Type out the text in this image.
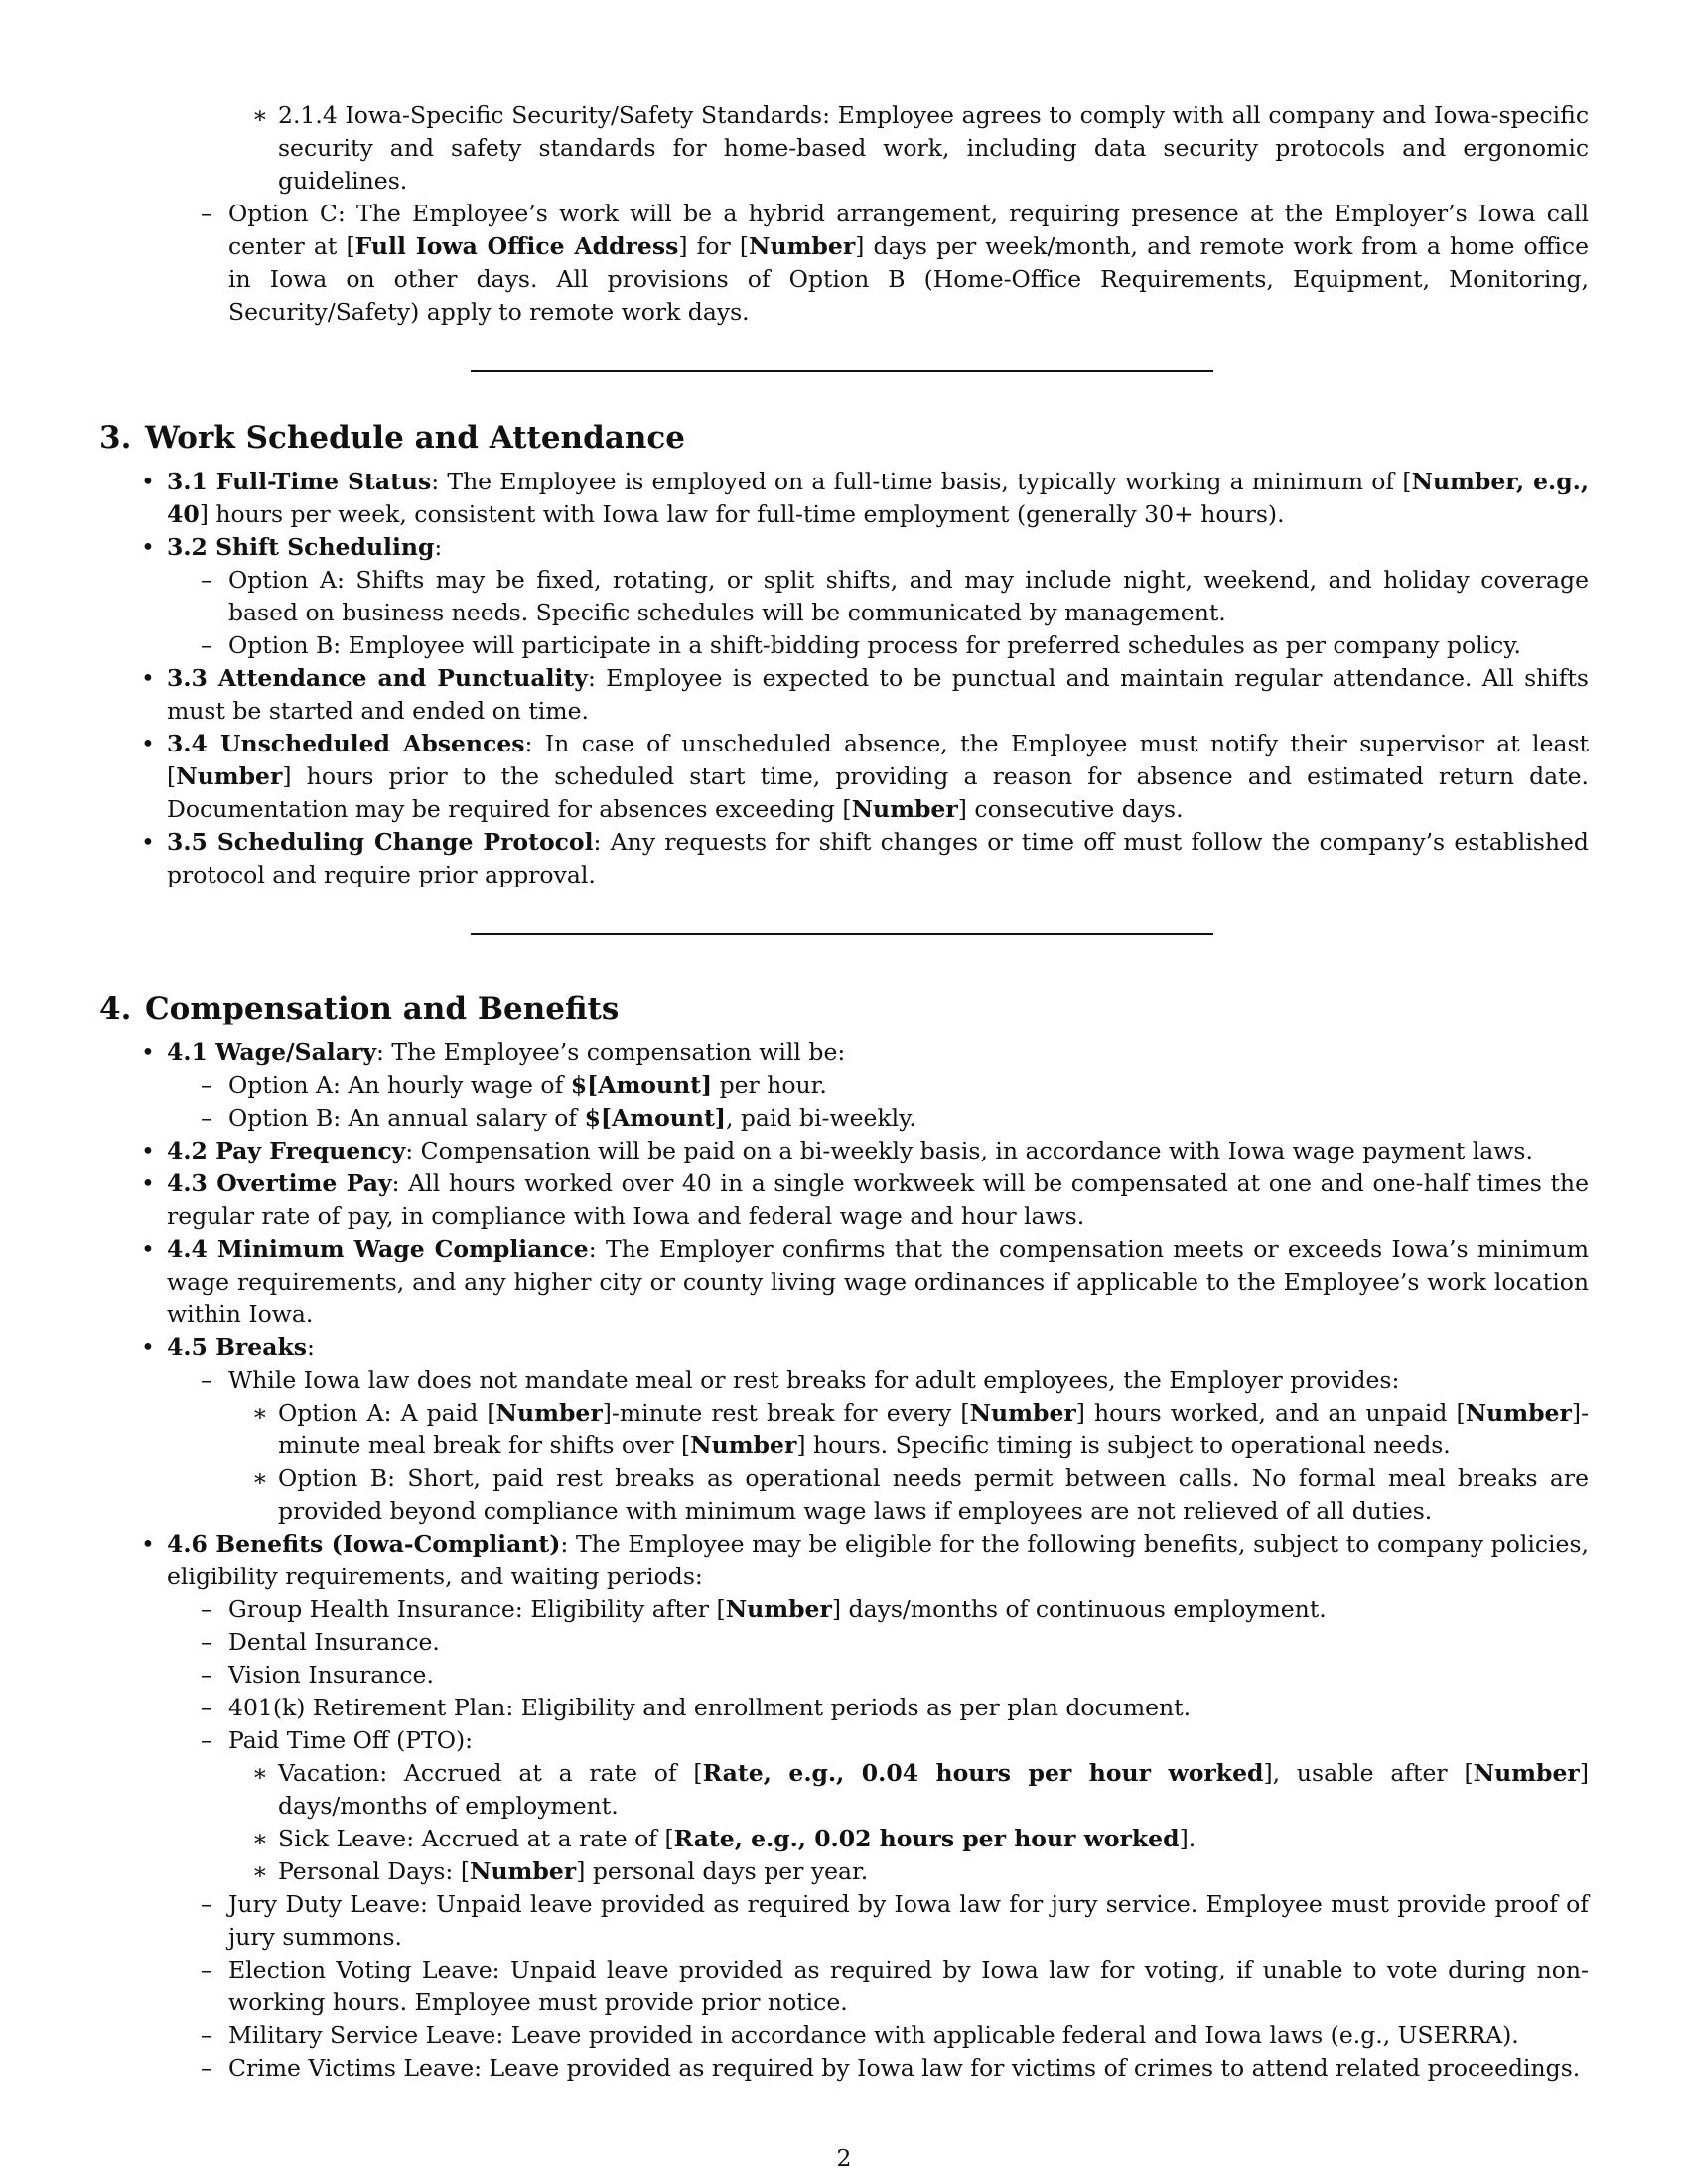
∗ 2.1.4 Iowa-Specific Security/Safety Standards: Employee agrees to comply with all company and Iowa-specific security and safety standards for home-based work, including data security protocols and ergonomic guidelines.
– Option C: The Employee’s work will be a hybrid arrangement, requiring presence at the Employer’s Iowa call center at [Full Iowa Office Address] for [Number] days per week/month, and remote work from a home office in Iowa on other days. All provisions of Option B (Home-Office Requirements, Equipment, Monitoring, Security/Safety) apply to remote work days.
3. Work Schedule and Attendance
• 3.1 Full-Time Status: The Employee is employed on a full-time basis, typically working a minimum of [Number, e.g., 40] hours per week, consistent with Iowa law for full-time employment (generally 30+ hours).
• 3.2 Shift Scheduling:
– Option A: Shifts may be fixed, rotating, or split shifts, and may include night, weekend, and holiday coverage based on business needs. Specific schedules will be communicated by management.
– Option B: Employee will participate in a shift-bidding process for preferred schedules as per company policy.
• 3.3 Attendance and Punctuality: Employee is expected to be punctual and maintain regular attendance. All shifts must be started and ended on time.
• 3.4 Unscheduled Absences: In case of unscheduled absence, the Employee must notify their supervisor at least [Number] hours prior to the scheduled start time, providing a reason for absence and estimated return date. Documentation may be required for absences exceeding [Number] consecutive days.
• 3.5 Scheduling Change Protocol: Any requests for shift changes or time off must follow the company’s established protocol and require prior approval.
4. Compensation and Benefits
• 4.1 Wage/Salary: The Employee’s compensation will be:
– Option A: An hourly wage of $[Amount] per hour.
– Option B: An annual salary of $[Amount], paid bi-weekly.
• 4.2 Pay Frequency: Compensation will be paid on a bi-weekly basis, in accordance with Iowa wage payment laws.
• 4.3 Overtime Pay: All hours worked over 40 in a single workweek will be compensated at one and one-half times the regular rate of pay, in compliance with Iowa and federal wage and hour laws.
• 4.4 Minimum Wage Compliance: The Employer confirms that the compensation meets or exceeds Iowa’s minimum wage requirements, and any higher city or county living wage ordinances if applicable to the Employee’s work location within Iowa.
• 4.5 Breaks:
– While Iowa law does not mandate meal or rest breaks for adult employees, the Employer provides:
∗ Option A: A paid [Number]-minute rest break for every [Number] hours worked, and an unpaid [Number]-minute meal break for shifts over [Number] hours. Specific timing is subject to operational needs.
∗ Option B: Short, paid rest breaks as operational needs permit between calls. No formal meal breaks are provided beyond compliance with minimum wage laws if employees are not relieved of all duties.
• 4.6 Benefits (Iowa-Compliant): The Employee may be eligible for the following benefits, subject to company policies, eligibility requirements, and waiting periods:
– Group Health Insurance: Eligibility after [Number] days/months of continuous employment.
– Dental Insurance.
– Vision Insurance.
– 401(k) Retirement Plan: Eligibility and enrollment periods as per plan document.
– Paid Time Off (PTO):
∗ Vacation: Accrued at a rate of [Rate, e.g., 0.04 hours per hour worked], usable after [Number] days/months of employment.
∗ Sick Leave: Accrued at a rate of [Rate, e.g., 0.02 hours per hour worked].
∗ Personal Days: [Number] personal days per year.
– Jury Duty Leave: Unpaid leave provided as required by Iowa law for jury service. Employee must provide proof of jury summons.
– Election Voting Leave: Unpaid leave provided as required by Iowa law for voting, if unable to vote during non-working hours. Employee must provide prior notice.
– Military Service Leave: Leave provided in accordance with applicable federal and Iowa laws (e.g., USERRA).
– Crime Victims Leave: Leave provided as required by Iowa law for victims of crimes to attend related proceedings.
2
